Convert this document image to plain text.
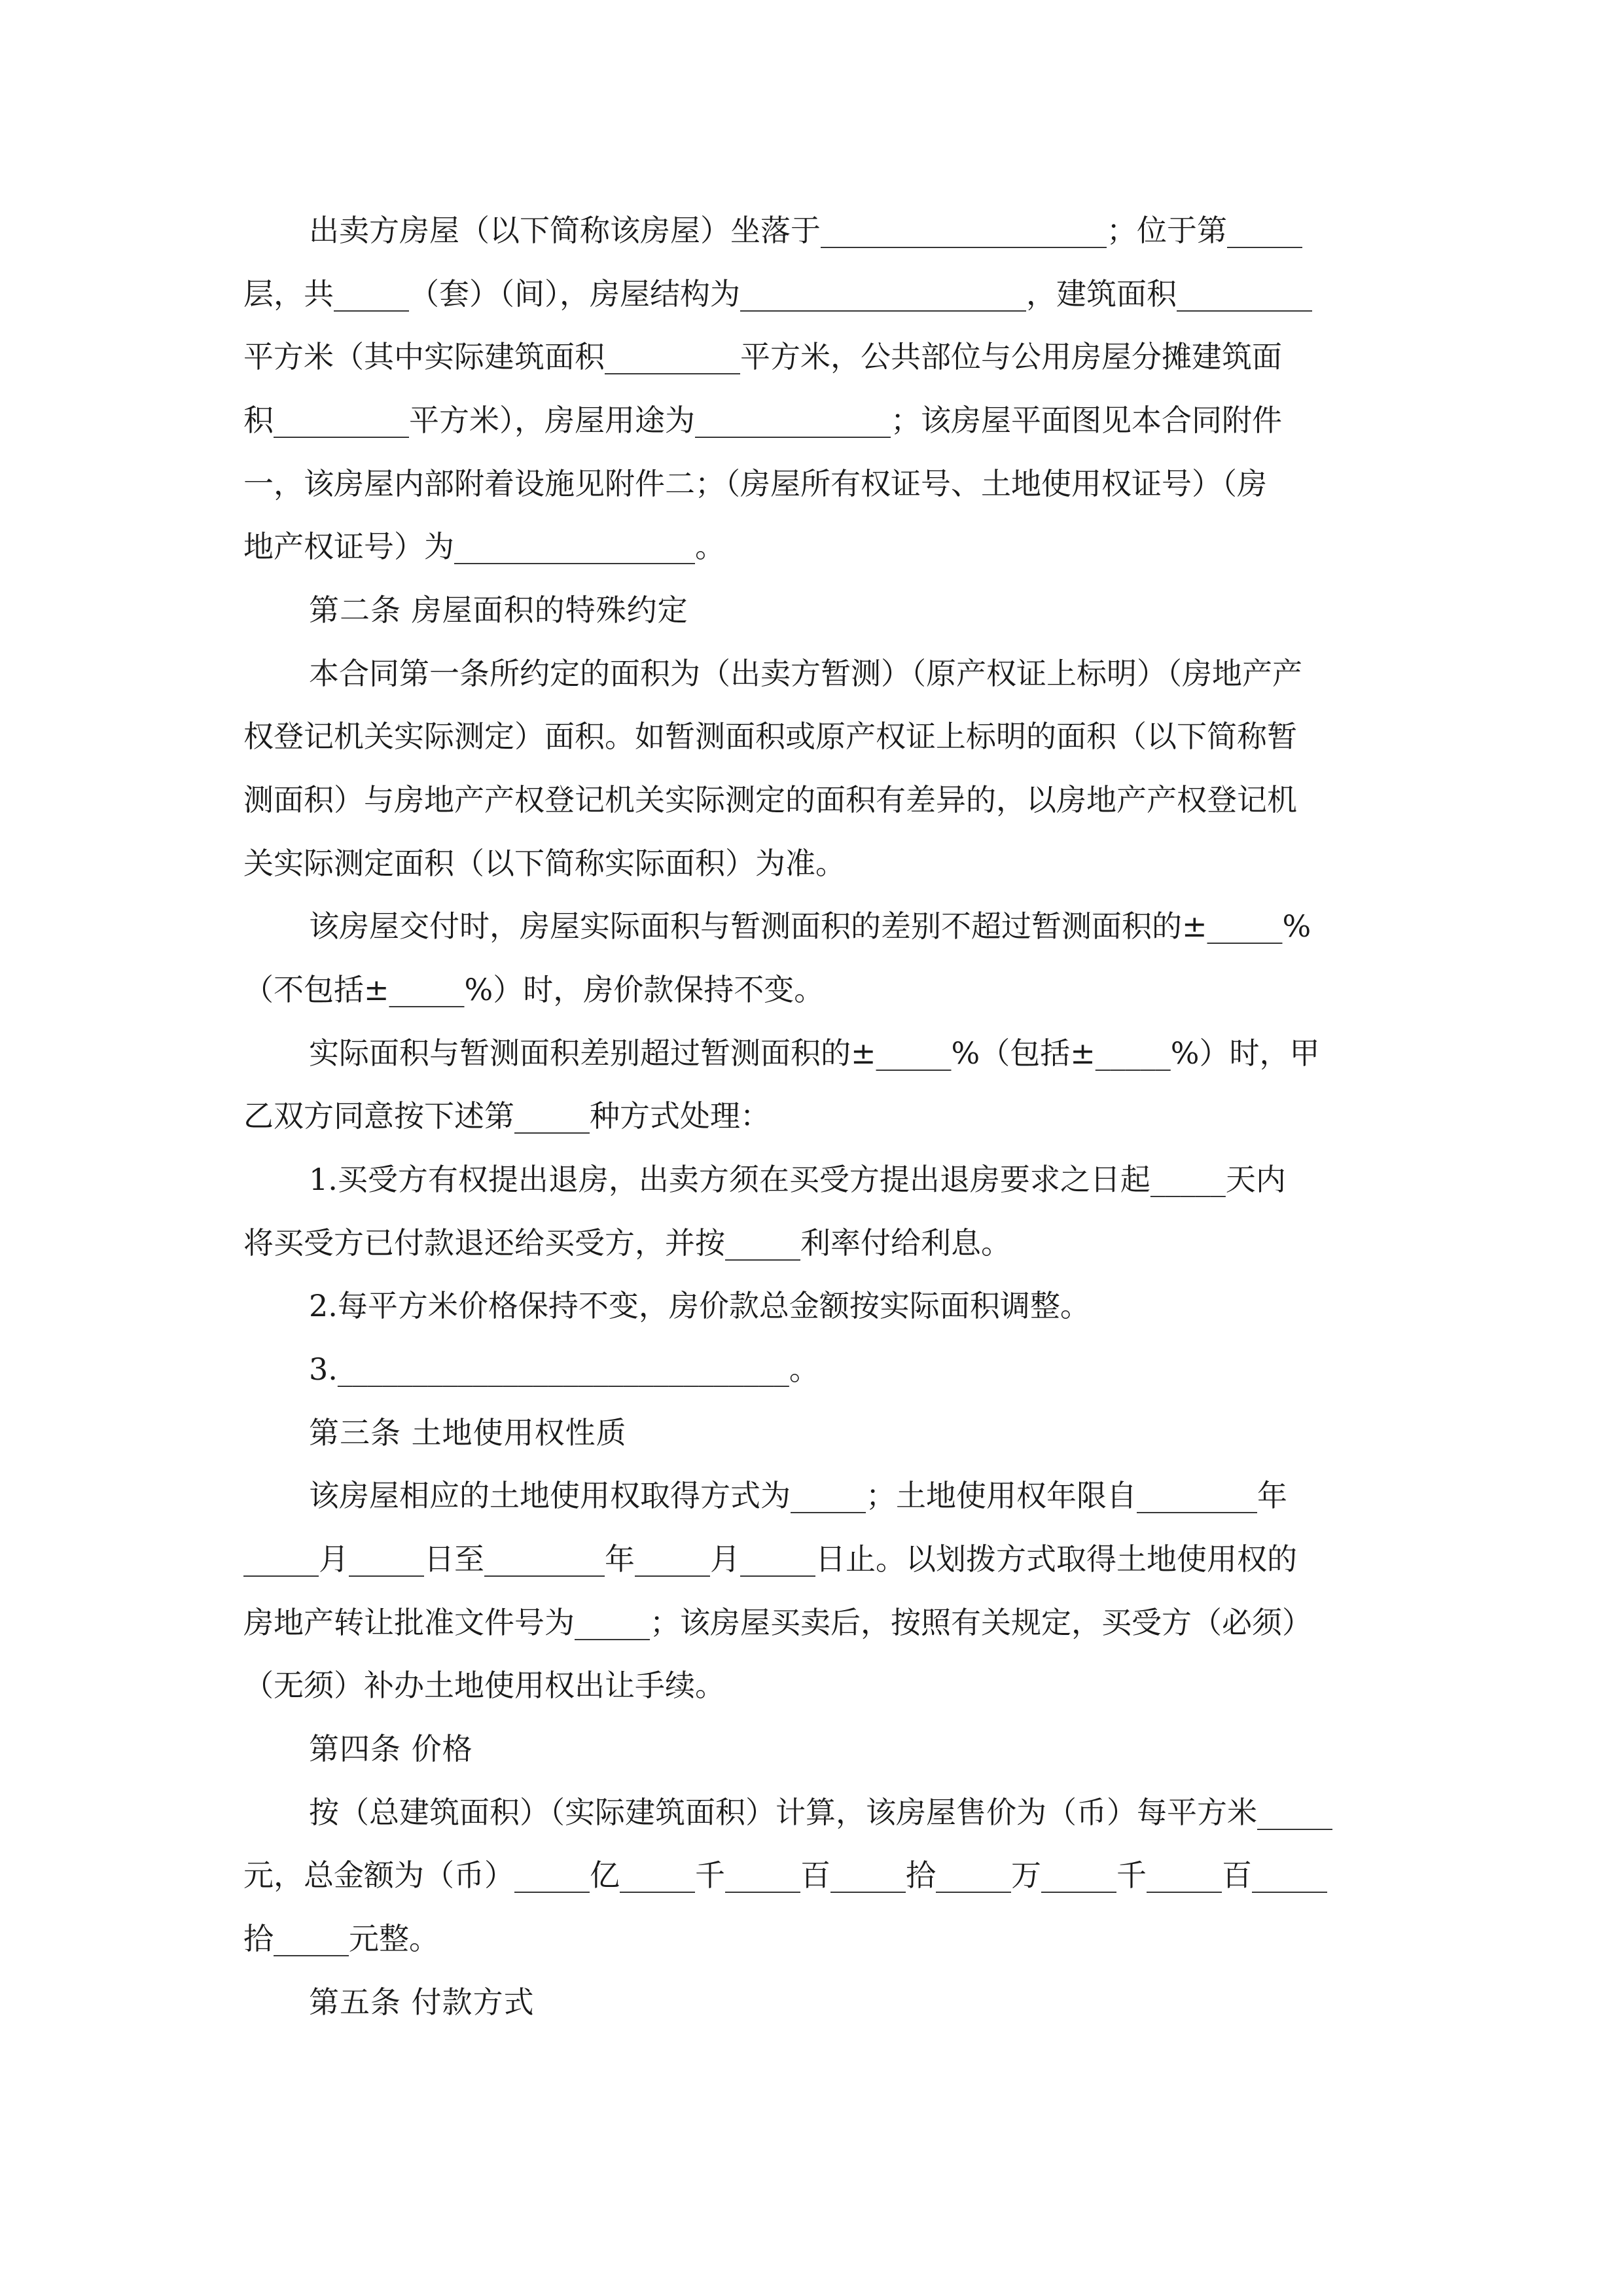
出卖方房屋（以下简称该房屋）坐落于___________________；位于第_____
层，共_____（套）（间），房屋结构为___________________，建筑面积_________
平方米（其中实际建筑面积_________平方米，公共部位与公用房屋分摊建筑面
积_________平方米），房屋用途为_____________；该房屋平面图见本合同附件
一，该房屋内部附着设施见附件二；（房屋所有权证号、土地使用权证号）（房
地产权证号）为________________。
第二条 房屋面积的特殊约定
本合同第一条所约定的面积为（出卖方暂测）（原产权证上标明）（房地产产
权登记机关实际测定）面积。如暂测面积或原产权证上标明的面积（以下简称暂
测面积）与房地产产权登记机关实际测定的面积有差异的，以房地产产权登记机
关实际测定面积（以下简称实际面积）为准。
该房屋交付时，房屋实际面积与暂测面积的差别不超过暂测面积的±_____%
（不包括±_____%）时，房价款保持不变。
实际面积与暂测面积差别超过暂测面积的±_____%（包括±_____%）时，甲
乙双方同意按下述第_____种方式处理：
1.买受方有权提出退房，出卖方须在买受方提出退房要求之日起_____天内
将买受方已付款退还给买受方，并按_____利率付给利息。
2.每平方米价格保持不变，房价款总金额按实际面积调整。
3.______________________________。
第三条 土地使用权性质
该房屋相应的土地使用权取得方式为_____；土地使用权年限自________年
_____月_____日至________年_____月_____日止。以划拨方式取得土地使用权的
房地产转让批准文件号为_____；该房屋买卖后，按照有关规定，买受方（必须）
（无须）补办土地使用权出让手续。
第四条 价格
按（总建筑面积）（实际建筑面积）计算，该房屋售价为（币）每平方米_____
元，总金额为（币）_____亿_____千_____百_____拾_____万_____千_____百_____
拾_____元整。
第五条 付款方式
